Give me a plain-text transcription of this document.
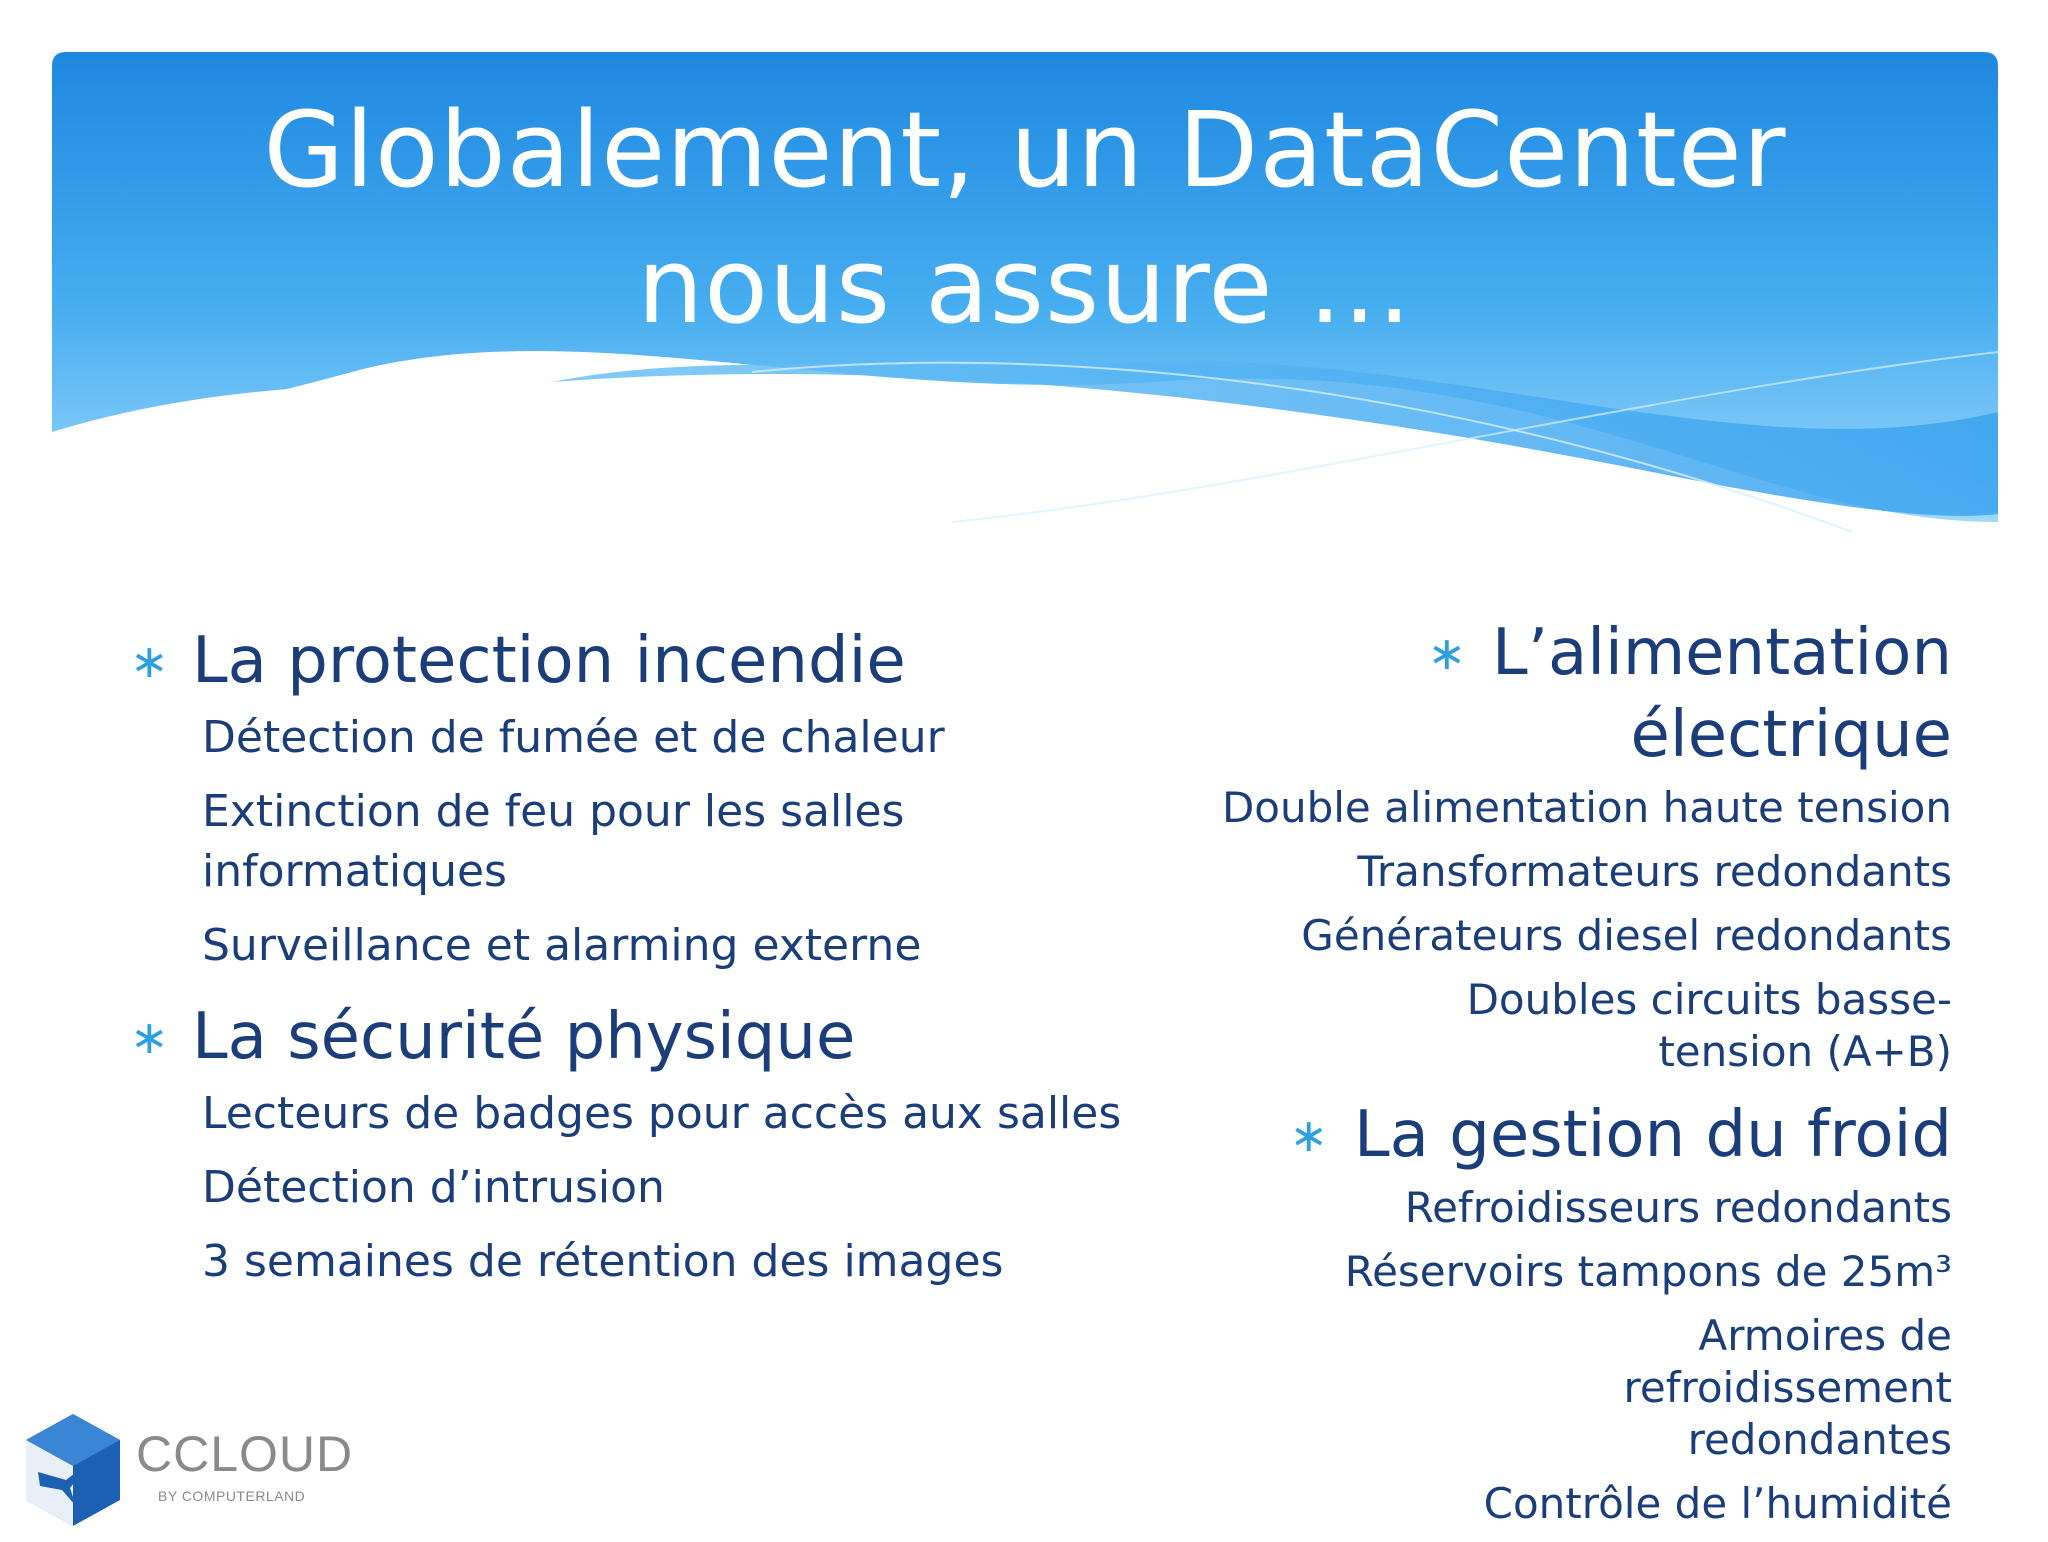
Globalement, un DataCenter
nous assure …
∗ La protection incendie
Détection de fumée et de chaleur
Extinction de feu pour les salles informatiques
Surveillance et alarming externe
∗ La sécurité physique
Lecteurs de badges pour accès aux salles
Détection d’intrusion
3 semaines de rétention des images
∗ L’alimentation électrique
Double alimentation haute tension
Transformateurs redondants
Générateurs diesel redondants
Doubles circuits basse-tension (A+B)
∗ La gestion du froid
Refroidisseurs redondants
Réservoirs tampons de 25m³
Armoires de refroidissement redondantes
Contrôle de l’humidité
CCLOUD
BY COMPUTERLAND
